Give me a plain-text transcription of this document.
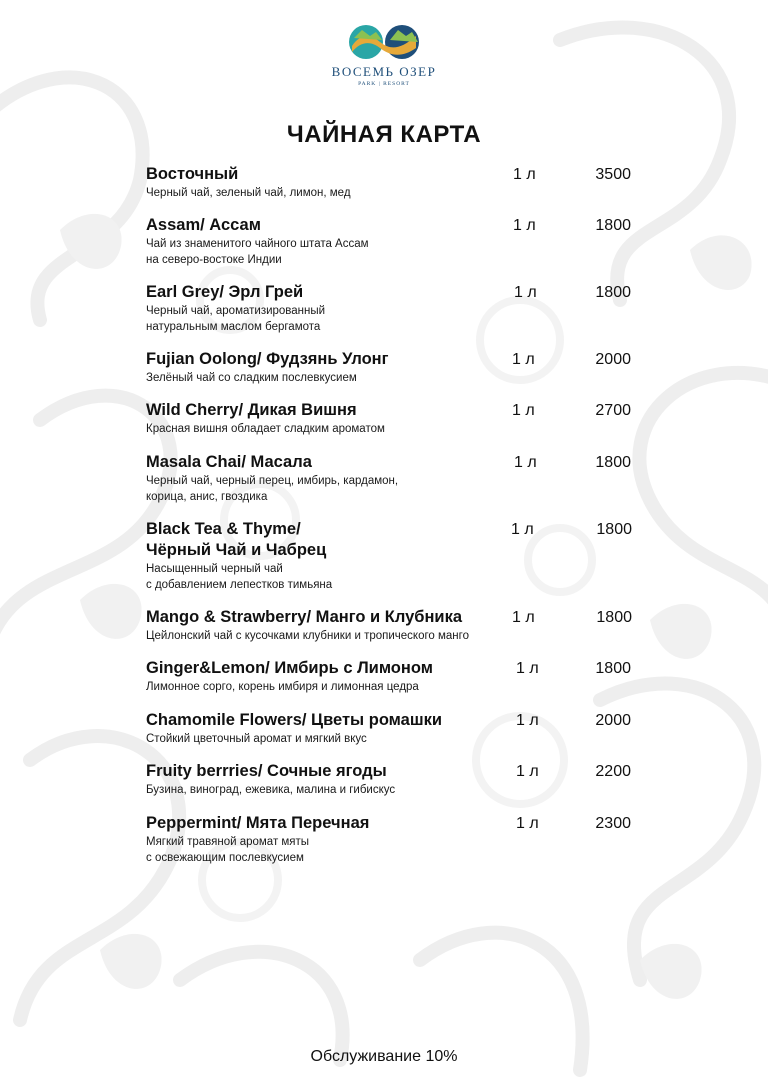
ВОСЕМЬ ОЗЕР
PARK | RESORT
ЧАЙНАЯ КАРТА
Восточный
Черный чай, зеленый чай, лимон, мед
1 л	3500
Assam/ Ассам
Чай из знаменитого чайного штата Ассам
на северо-востоке Индии
1 л	1800
Earl Grey/ Эрл Грей
Черный чай, ароматизированный
натуральным маслом бергамота
1 л	1800
Fujian Oolong/ Фудзянь Улонг
Зелёный чай со сладким послевкусием
1 л	2000
Wild Cherry/ Дикая Вишня
Красная вишня обладает сладким ароматом
1 л	2700
Masala Chai/ Масала
Черный чай, черный перец, имбирь, кардамон,
корица, анис, гвоздика
1 л	1800
Black Tea & Thyme/
Чёрный Чай и Чабрец
Насыщенный черный чай
с добавлением лепестков тимьяна
1 л	1800
Mango & Strawberry/ Манго и Клубника
Цейлонский чай с кусочками клубники и тропического манго
1 л	1800
Ginger&Lemon/ Имбирь с Лимоном
Лимонное сорго, корень имбиря и лимонная цедра
1 л	1800
Chamomile Flowers/ Цветы ромашки
Стойкий цветочный аромат и мягкий вкус
1 л	2000
Fruity berrries/ Сочные ягоды
Бузина, виноград, ежевика, малина и гибискус
1 л	2200
Peppermint/ Мята Перечная
Мягкий травяной аромат мяты
с освежающим послевкусием
1 л	2300
Обслуживание 10%
